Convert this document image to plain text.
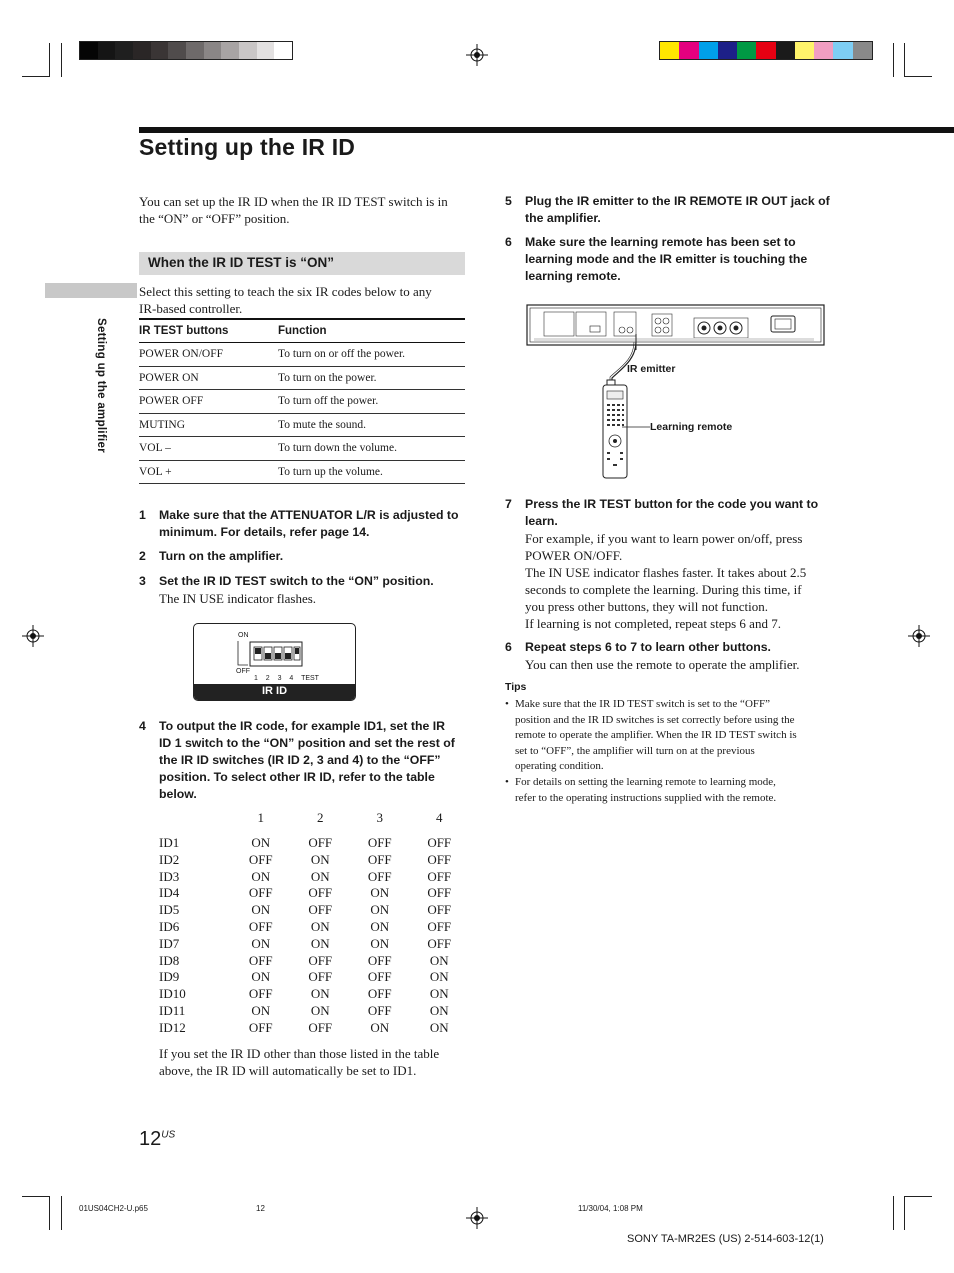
Setting up the IR ID
Setting up the amplifier
You can set up the IR ID when the IR ID TEST switch is in
the “ON” or “OFF” position.
When the IR ID TEST is “ON”
Select this setting to teach the six IR codes below to any
IR-based controller.
IR TEST buttons	Function
POWER ON/OFF	To turn on or off the power.
POWER ON	To turn on the power.
POWER OFF	To turn off the power.
MUTING	To mute the sound.
VOL –	To turn down the volume.
VOL +	To turn up the volume.
1 Make sure that the ATTENUATOR L/R is adjusted to
minimum. For details, refer page 14.
2 Turn on the amplifier.
3 Set the IR ID TEST switch to the “ON” position.
The IN USE indicator flashes.
ON
OFF
1 2 3 4 TEST
IR ID
4 To output the IR code, for example ID1, set the IR
ID 1 switch to the “ON” position and set the rest of
the IR ID switches (IR ID 2, 3 and 4) to the “OFF”
position. To select other IR ID, refer to the table
below.
	1	2	3	4
ID1	ON	OFF	OFF	OFF
ID2	OFF	ON	OFF	OFF
ID3	ON	ON	OFF	OFF
ID4	OFF	OFF	ON	OFF
ID5	ON	OFF	ON	OFF
ID6	OFF	ON	ON	OFF
ID7	ON	ON	ON	OFF
ID8	OFF	OFF	OFF	ON
ID9	ON	OFF	OFF	ON
ID10	OFF	ON	OFF	ON
ID11	ON	ON	OFF	ON
ID12	OFF	OFF	ON	ON
If you set the IR ID other than those listed in the table
above, the IR ID will automatically be set to ID1.
$12^{US}$
5 Plug the IR emitter to the IR REMOTE IR OUT jack of
the amplifier.
6 Make sure the learning remote has been set to
learning mode and the IR emitter is touching the
learning remote.
IR emitter
Learning remote
7 Press the IR TEST button for the code you want to
learn.
For example, if you want to learn power on/off, press
POWER ON/OFF.
The IN USE indicator flashes faster. It takes about 2.5
seconds to complete the learning. During this time, if
you press other buttons, they will not function.
If learning is not completed, repeat steps 6 and 7.
6 Repeat steps 6 to 7 to learn other buttons.
You can then use the remote to operate the amplifier.
Tips
• Make sure that the IR ID TEST switch is set to the “OFF”
position and the IR ID switches is set correctly before using the
remote to operate the amplifier. When the IR ID TEST switch is
set to “OFF”, the amplifier will turn on at the previous
operating condition.
• For details on setting the learning remote to learning mode,
refer to the operating instructions supplied with the remote.
01US04CH2-U.p65	12	11/30/04, 1:08 PM
SONY TA-MR2ES (US) 2-514-603-12(1)
